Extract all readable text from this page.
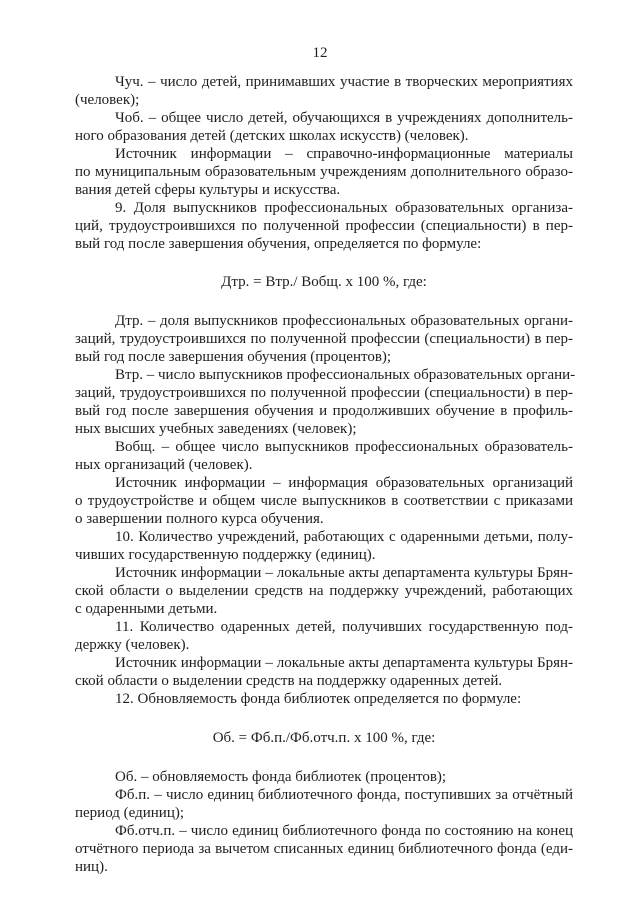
12

Чуч. – число детей, принимавших участие в творческих мероприятиях
(человек);

Чоб. – общее число детей, обучающихся в учреждениях дополнитель-
ного образования детей (детских школах искусств) (человек).

Источник информации – справочно-информационные материалы
по муниципальным образовательным учреждениям дополнительного образо-
вания детей сферы культуры и искусства.

9. Доля выпускников профессиональных образовательных организа-
ций, трудоустроившихся по полученной профессии (специальности) в пер-
вый год после завершения обучения, определяется по формуле:

Дтр. = Втр./ Вобщ. х 100 %, где:

Дтр. – доля выпускников профессиональных образовательных органи-
заций, трудоустроившихся по полученной профессии (специальности) в пер-
вый год после завершения обучения (процентов);

Втр. – число выпускников профессиональных образовательных органи-
заций, трудоустроившихся по полученной профессии (специальности) в пер-
вый год после завершения обучения и продолживших обучение в профиль-
ных высших учебных заведениях (человек);

Вобщ. – общее число выпускников профессиональных образователь-
ных организаций (человек).

Источник информации – информация образовательных организаций
о трудоустройстве и общем числе выпускников в соответствии с приказами
о завершении полного курса обучения.

10. Количество учреждений, работающих с одаренными детьми, полу-
чивших государственную поддержку (единиц).

Источник информации – локальные акты департамента культуры Брян-
ской области о выделении средств на поддержку учреждений, работающих
с одаренными детьми.

11. Количество одаренных детей, получивших государственную под-
держку (человек).

Источник информации – локальные акты департамента культуры Брян-
ской области о выделении средств на поддержку одаренных детей.

12. Обновляемость фонда библиотек определяется по формуле:

Об. = Фб.п./Фб.отч.п. х 100 %, где:

Об. – обновляемость фонда библиотек (процентов);

Фб.п. – число единиц библиотечного фонда, поступивших за отчётный
период (единиц);

Фб.отч.п. – число единиц библиотечного фонда по состоянию на конец
отчётного периода за вычетом списанных единиц библиотечного фонда (еди-
ниц).
